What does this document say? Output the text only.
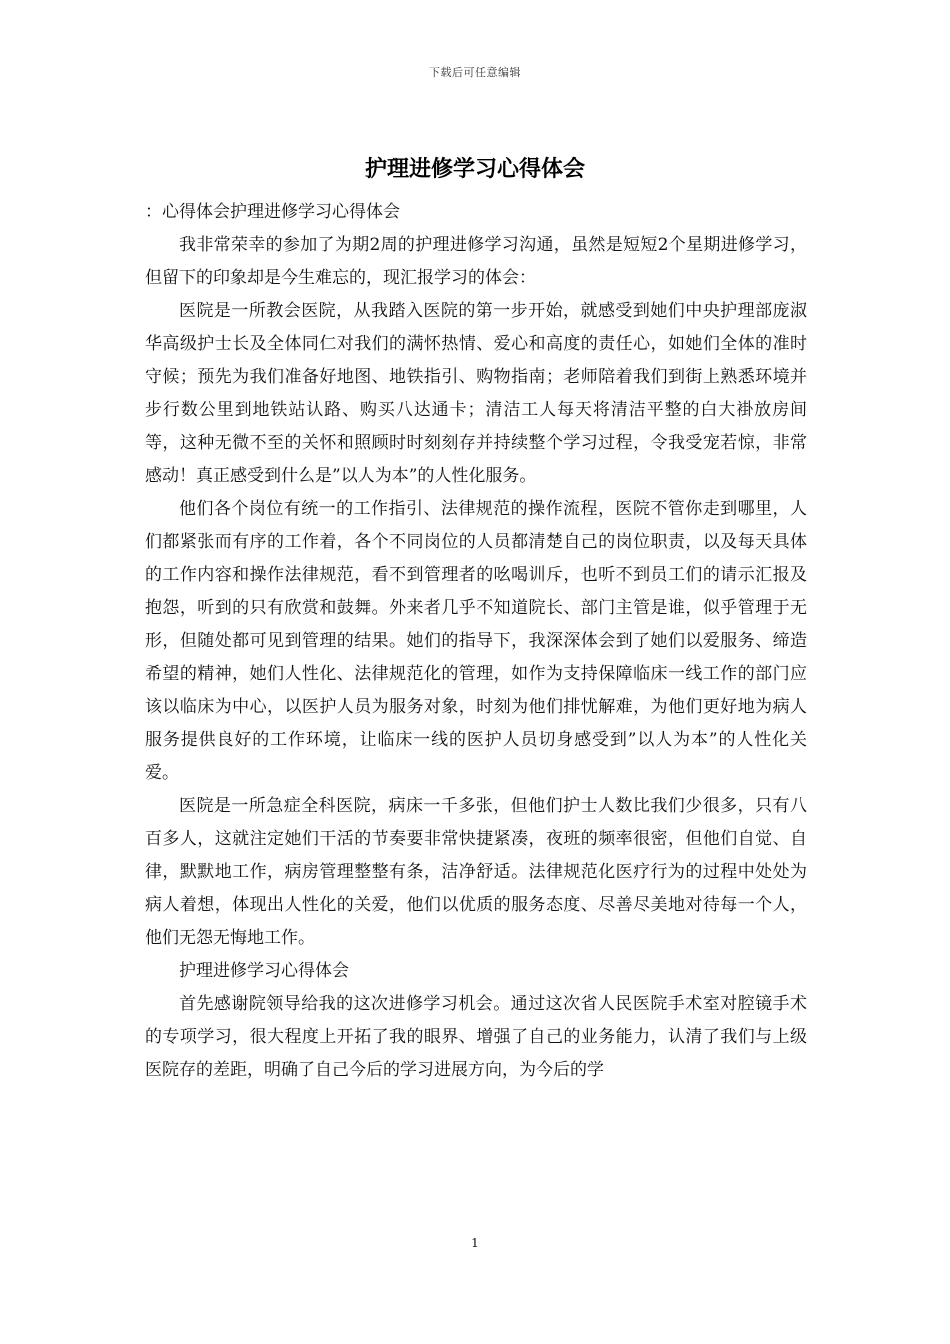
下载后可任意编辑
护理进修学习心得体会

：心得体会护理进修学习心得体会

我非常荣幸的参加了为期2周的护理进修学习沟通，虽然是短短2个星期进修学习，但留下的印象却是今生难忘的，现汇报学习的体会：

医院是一所教会医院，从我踏入医院的第一步开始，就感受到她们中央护理部庞淑华高级护士长及全体同仁对我们的满怀热情、爱心和高度的责任心，如她们全体的准时守候；预先为我们准备好地图、地铁指引、购物指南；老师陪着我们到街上熟悉环境并步行数公里到地铁站认路、购买八达通卡；清洁工人每天将清洁平整的白大褂放房间等，这种无微不至的关怀和照顾时时刻刻存并持续整个学习过程，令我受宠若惊，非常感动！真正感受到什么是”以人为本”的人性化服务。

他们各个岗位有统一的工作指引、法律规范的操作流程，医院不管你走到哪里，人们都紧张而有序的工作着，各个不同岗位的人员都清楚自己的岗位职责，以及每天具体的工作内容和操作法律规范，看不到管理者的吆喝训斥，也听不到员工们的请示汇报及抱怨，听到的只有欣赏和鼓舞。外来者几乎不知道院长、部门主管是谁，似乎管理于无形，但随处都可见到管理的结果。她们的指导下，我深深体会到了她们以爱服务、缔造希望的精神，她们人性化、法律规范化的管理，如作为支持保障临床一线工作的部门应该以临床为中心，以医护人员为服务对象，时刻为他们排忧解难，为他们更好地为病人服务提供良好的工作环境，让临床一线的医护人员切身感受到”以人为本”的人性化关爱。

医院是一所急症全科医院，病床一千多张，但他们护士人数比我们少很多，只有八百多人，这就注定她们干活的节奏要非常快捷紧凑，夜班的频率很密，但他们自觉、自律，默默地工作，病房管理整整有条，洁净舒适。法律规范化医疗行为的过程中处处为病人着想，体现出人性化的关爱，他们以优质的服务态度、尽善尽美地对待每一个人，他们无怨无悔地工作。

护理进修学习心得体会

首先感谢院领导给我的这次进修学习机会。通过这次省人民医院手术室对腔镜手术的专项学习，很大程度上开拓了我的眼界、增强了自己的业务能力，认清了我们与上级医院存的差距，明确了自己今后的学习进展方向，为今后的学

1
